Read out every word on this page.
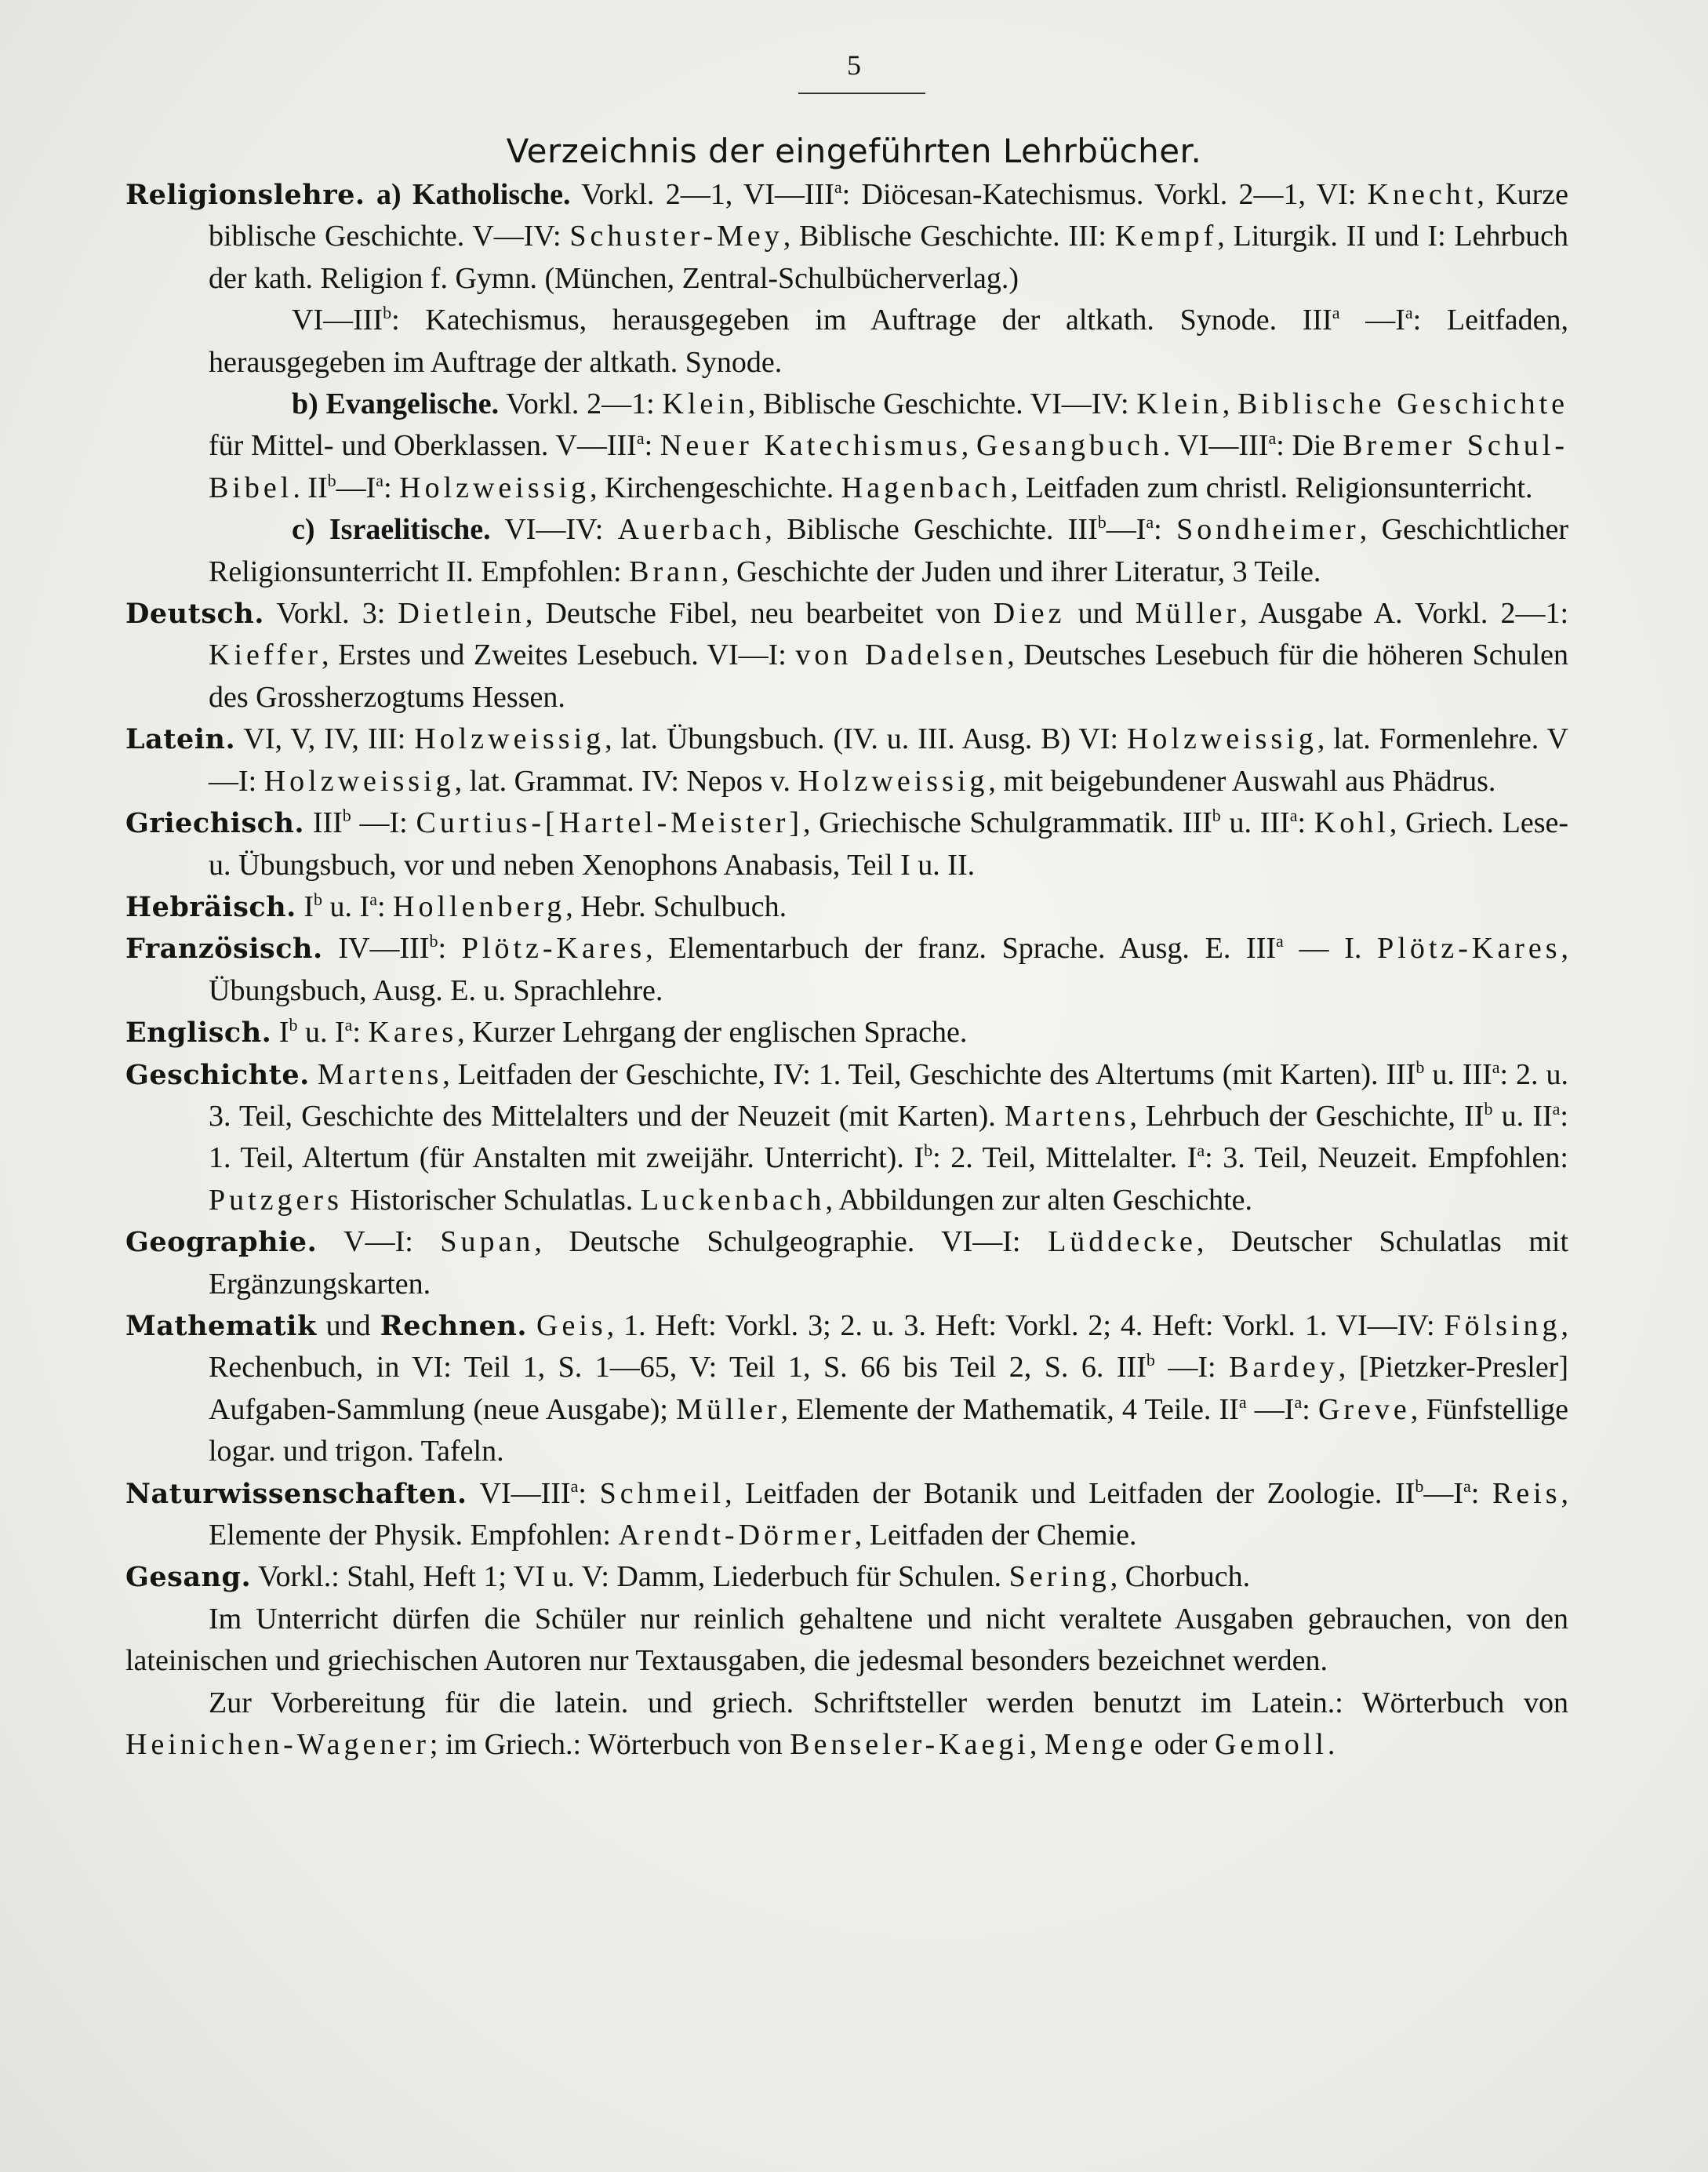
5
Verzeichnis der eingeführten Lehrbücher.

Religionslehre. a) Katholische. Vorkl. 2—1, VI—III$^a$: Diöcesan-Katechismus. Vorkl. 2—1, VI: Knecht, Kurze biblische Geschichte. V—IV: Schuster-Mey, Biblische Geschichte. III: Kempf, Liturgik. II und I: Lehrbuch der kath. Religion f. Gymn. (München, Zentral-Schulbücherverlag.)

VI—III$^b$: Katechismus, herausgegeben im Auftrage der altkath. Synode. III$^a$ $—I^a$: Leitfaden, herausgegeben im Auftrage der altkath. Synode.

b) Evangelische. Vorkl. 2—1: Klein, Biblische Geschichte. VI—IV: Klein, Biblische Geschichte für Mittel- und Oberklassen. V—III$^a$: Neuer Katechismus, Gesangbuch. VI—III$^a$: Die Bremer Schul-Bibel. $II^b—I^a$: Holzweissig, Kirchengeschichte. Hagenbach, Leitfaden zum christl. Religionsunterricht.

c) Israelitische. VI—IV: Auerbach, Biblische Geschichte. $III^b—I^a$: Sondheimer, Geschichtlicher Religionsunterricht II. Empfohlen: Brann, Geschichte der Juden und ihrer Literatur, 3 Teile.

Deutsch. Vorkl. 3: Dietlein, Deutsche Fibel, neu bearbeitet von Diez und Müller, Ausgabe A. Vorkl. 2—1: Kieffer, Erstes und Zweites Lesebuch. VI—I: von Dadelsen, Deutsches Lesebuch für die höheren Schulen des Grossherzogtums Hessen.

Latein. VI, V, IV, III: Holzweissig, lat. Übungsbuch. (IV. u. III. Ausg. B) VI: Holzweissig, lat. Formenlehre. V—I: Holzweissig, lat. Grammat. IV: Nepos v. Holzweissig, mit beigebundener Auswahl aus Phädrus.

Griechisch. III$^b$ —I: Curtius-[Hartel-Meister], Griechische Schulgrammatik. III$^b$ u. III$^a$: Kohl, Griech. Lese- u. Übungsbuch, vor und neben Xenophons Anabasis, Teil I u. II.

Hebräisch. $I^b$ u. $I^a$: Hollenberg, Hebr. Schulbuch.

Französisch. IV—III$^b$: Plötz-Kares, Elementarbuch der franz. Sprache. Ausg. E. III$^a$ — I. Plötz-Kares, Übungsbuch, Ausg. E. u. Sprachlehre.

Englisch. $I^b$ u. $I^a$: Kares, Kurzer Lehrgang der englischen Sprache.

Geschichte. Martens, Leitfaden der Geschichte, IV: 1. Teil, Geschichte des Altertums (mit Karten). III$^b$ u. III$^a$: 2. u. 3. Teil, Geschichte des Mittelalters und der Neuzeit (mit Karten). Martens, Lehrbuch der Geschichte, $II^b$ u. $II^a$: 1. Teil, Altertum (für Anstalten mit zweijähr. Unterricht). $I^b$: 2. Teil, Mittelalter. $I^a$: 3. Teil, Neuzeit. Empfohlen: Putzgers Historischer Schulatlas. Luckenbach, Abbildungen zur alten Geschichte.

Geographie. V—I: Supan, Deutsche Schulgeographie. VI—I: Lüddecke, Deutscher Schulatlas mit Ergänzungskarten.

Mathematik und Rechnen. Geis, 1. Heft: Vorkl. 3; 2. u. 3. Heft: Vorkl. 2; 4. Heft: Vorkl. 1. VI—IV: Fölsing, Rechenbuch, in VI: Teil 1, S. 1—65, V: Teil 1, S. 66 bis Teil 2, S. 6. III$^b$ —I: Bardey, [Pietzker-Presler] Aufgaben-Sammlung (neue Ausgabe); Müller, Elemente der Mathematik, 4 Teile. $II^a$ $—I^a$: Greve, Fünfstellige logar. und trigon. Tafeln.

Naturwissenschaften. VI—III$^a$: Schmeil, Leitfaden der Botanik und Leitfaden der Zoologie. $II^b—I^a$: Reis, Elemente der Physik. Empfohlen: Arendt-Dörmer, Leitfaden der Chemie.

Gesang. Vorkl.: Stahl, Heft 1; VI u. V: Damm, Liederbuch für Schulen. Sering, Chorbuch.

Im Unterricht dürfen die Schüler nur reinlich gehaltene und nicht veraltete Ausgaben gebrauchen, von den lateinischen und griechischen Autoren nur Textausgaben, die jedesmal besonders bezeichnet werden.

Zur Vorbereitung für die latein. und griech. Schriftsteller werden benutzt im Latein.: Wörterbuch von Heinichen-Wagener; im Griech.: Wörterbuch von Benseler-Kaegi, Menge oder Gemoll.
